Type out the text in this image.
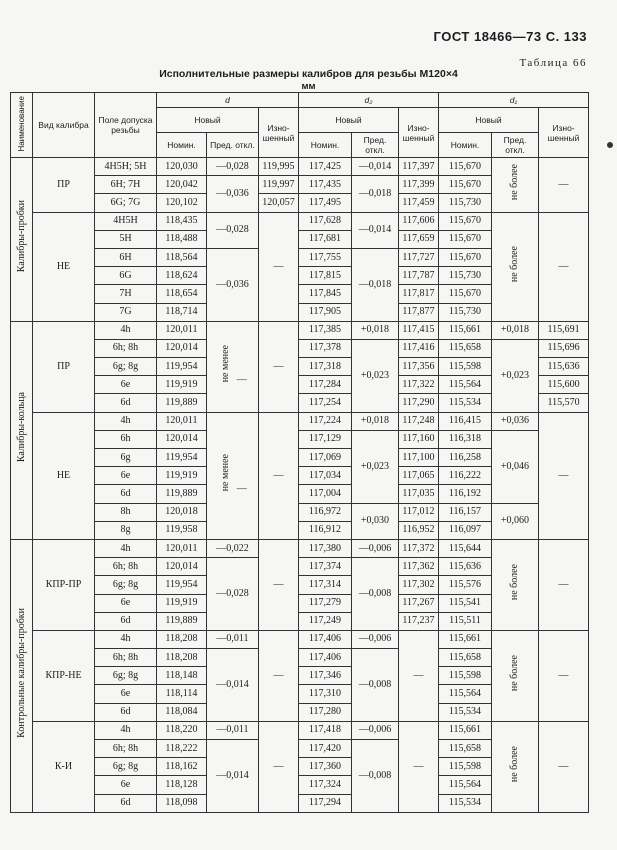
ГОСТ 18466—73 С. 133
Таблица 66
Исполнительные размеры калибров для резьбы М120×4
мм
Наименование	Вид калибра	Поле допуска резьбы	d			d₂			d₁		
			Новый		Изно-шенный	Новый		Изно-шенный	Новый		Изно-шенный
			Номин.	Пред. откл.		Номин.	Пред. откл.		Номин.	Пред. откл.	
Калибры-пробки	ПР	4Н5Н; 5Н	120,030	—0,028	119,995	117,425	—0,014	117,397	115,670	не более	—
		6Н; 7Н	120,042	—0,036	119,997	117,435	—0,018	117,399	115,670		
		6G; 7G	120,102		120,057	117,495		117,459	115,730		
	НЕ	4Н5Н	118,435	—0,028	—	117,628	—0,014	117,606	115,670	не более	—
		5Н	118,488			117,681		117,659	115,670		
		6Н	118,564	—0,036		117,755	—0,018	117,727	115,670		
		6G	118,624			117,815		117,787	115,730		
		7Н	118,654			117,845		117,817	115,670		
		7G	118,714			117,905		117,877	115,730		
Калибры-кольца	ПР	4h	120,011	не менее —	—	117,385	+0,018	117,415	115,661	+0,018	115,691
		6h; 8h	120,014			117,378	+0,023	117,416	115,658	+0,023	115,696
		6g; 8g	119,954			117,318		117,356	115,598		115,636
		6e	119,919			117,284		117,322	115,564		115,600
		6d	119,889			117,254		117,290	115,534		115,570
	НЕ	4h	120,011	не менее —	—	117,224	+0,018	117,248	116,415	+0,036	—
		6h	120,014			117,129	+0,023	117,160	116,318	+0,046	
		6g	119,954			117,069		117,100	116,258		
		6e	119,919			117,034		117,065	116,222		
		6d	119,889			117,004		117,035	116,192		
		8h	120,018			116,972	+0,030	117,012	116,157	+0,060	
		8g	119,958			116,912		116,952	116,097		
Контрольные калибры-пробки	КПР-ПР	4h	120,011	—0,022	—	117,380	—0,006	117,372	115,644	не более	—
		6h; 8h	120,014	—0,028		117,374	—0,008	117,362	115,636		
		6g; 8g	119,954			117,314		117,302	115,576		
		6e	119,919			117,279		117,267	115,541		
		6d	119,889			117,249		117,237	115,511		
	КПР-НЕ	4h	118,208	—0,011	—	117,406	—0,006	—	115,661	не более	—
		6h; 8h	118,208	—0,014		117,406	—0,008		115,658		
		6g; 8g	118,148			117,346			115,598		
		6e	118,114			117,310			115,564		
		6d	118,084			117,280			115,534		
	К-И	4h	118,220	—0,011	—	117,418	—0,006	—	115,661	не более	—
		6h; 8h	118,222	—0,014		117,420	—0,008		115,658		
		6g; 8g	118,162			117,360			115,598		
		6e	118,128			117,324			115,564		
		6d	118,098			117,294			115,534		
